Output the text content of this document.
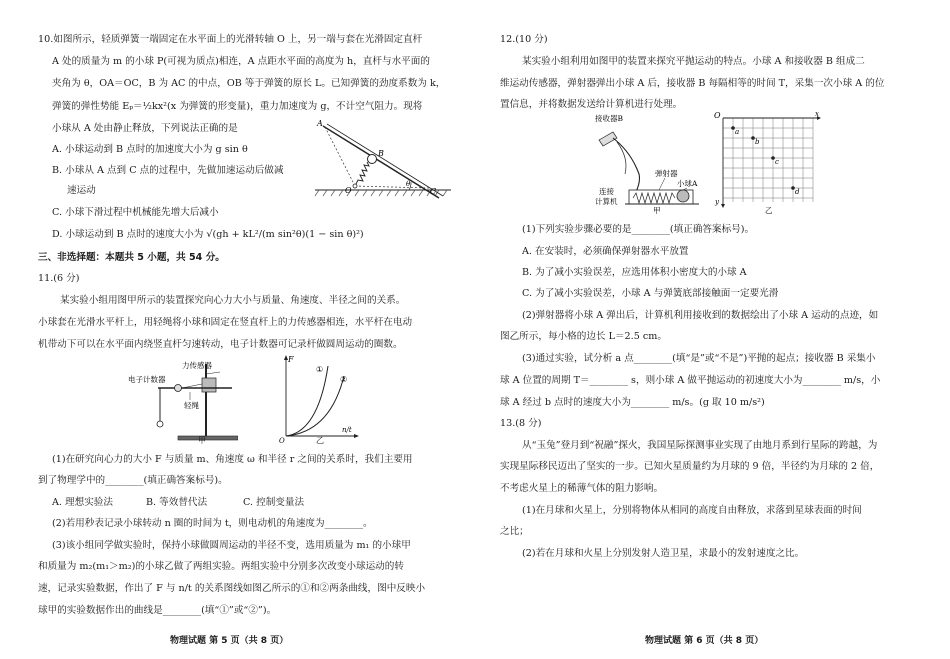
10.如图所示，轻质弹簧一端固定在水平面上的光滑转轴 O 上，另一端与套在光滑固定直杆
A 处的质量为 m 的小球 P(可视为质点)相连，A 点距水平面的高度为 h，直杆与水平面的
夹角为 θ，OA＝OC，B 为 AC 的中点，OB 等于弹簧的原长 L。已知弹簧的劲度系数为 k，
弹簧的弹性势能 Eₚ＝½kx²(x 为弹簧的形变量)，重力加速度为 g，不计空气阻力。现将
小球从 A 处由静止释放，下列说法正确的是
A. 小球运动到 B 点时的加速度大小为 g sin θ
B. 小球从 A 点到 C 点的过程中，先做加速运动后做减
速运动
C. 小球下滑过程中机械能先增大后减小
D. 小球运动到 B 点时的速度大小为 √(gh + kL²/(m sin²θ)(1 − sin θ)²)
A
B
C
O
θ
三、非选择题：本题共 5 小题，共 54 分。
11.(6 分)
某实验小组用图甲所示的装置探究向心力大小与质量、角速度、半径之间的关系。
小球套在光滑水平杆上，用轻绳将小球和固定在竖直杆上的力传感器相连，水平杆在电动
机带动下可以在水平面内绕竖直杆匀速转动，电子计数器可记录杆做圆周运动的圈数。
电子计数器
力传感器
轻绳
甲
F
O
n/t
①
②
乙
(1)在研究向心力的大小 F 与质量 m、角速度 ω 和半径 r 之间的关系时，我们主要用
到了物理学中的________(填正确答案标号)。
A. 理想实验法	B. 等效替代法	C. 控制变量法
(2)若用秒表记录小球转动 n 圈的时间为 t，则电动机的角速度为________。
(3)该小组同学做实验时，保持小球做圆周运动的半径不变，选用质量为 m₁ 的小球甲
和质量为 m₂(m₁＞m₂)的小球乙做了两组实验。两组实验中分别多次改变小球运动的转
速，记录实验数据，作出了 F 与 n/t 的关系图线如图乙所示的①和②两条曲线，图中反映小
球甲的实验数据作出的曲线是________(填“①”或“②”)。
物理试题 第 5 页（共 8 页）
12.(10 分)
某实验小组利用如图甲的装置来探究平抛运动的特点。小球 A 和接收器 B 组成二
维运动传感器，弹射器弹出小球 A 后，接收器 B 每隔相等的时间 T，采集一次小球 A 的位
置信息，并将数据发送给计算机进行处理。
接收器B
弹射器
小球A
连接
计算机
甲
O	x
y
a
b
c
d
乙
(1)下列实验步骤必要的是________(填正确答案标号)。
A. 在安装时，必须确保弹射器水平放置
B. 为了减小实验误差，应选用体积小密度大的小球 A
C. 为了减小实验误差，小球 A 与弹簧底部接触面一定要光滑
(2)弹射器将小球 A 弹出后，计算机利用接收到的数据绘出了小球 A 运动的点迹，如
图乙所示，每小格的边长 L＝2.5 cm。
(3)通过实验，试分析 a 点________(填“是”或“不是”)平抛的起点；接收器 B 采集小
球 A 位置的周期 T＝________ s，则小球 A 做平抛运动的初速度大小为________ m/s，小
球 A 经过 b 点时的速度大小为________ m/s。(g 取 10 m/s²)
13.(8 分)
从“玉兔”登月到“祝融”探火，我国星际探测事业实现了由地月系到行星际的跨越，为
实现星际移民迈出了坚实的一步。已知火星质量约为月球的 9 倍，半径约为月球的 2 倍，
不考虑火星上的稀薄气体的阻力影响。
(1)在月球和火星上，分别将物体从相同的高度自由释放，求落到星球表面的时间
之比；
(2)若在月球和火星上分别发射人造卫星，求最小的发射速度之比。
物理试题 第 6 页（共 8 页）
